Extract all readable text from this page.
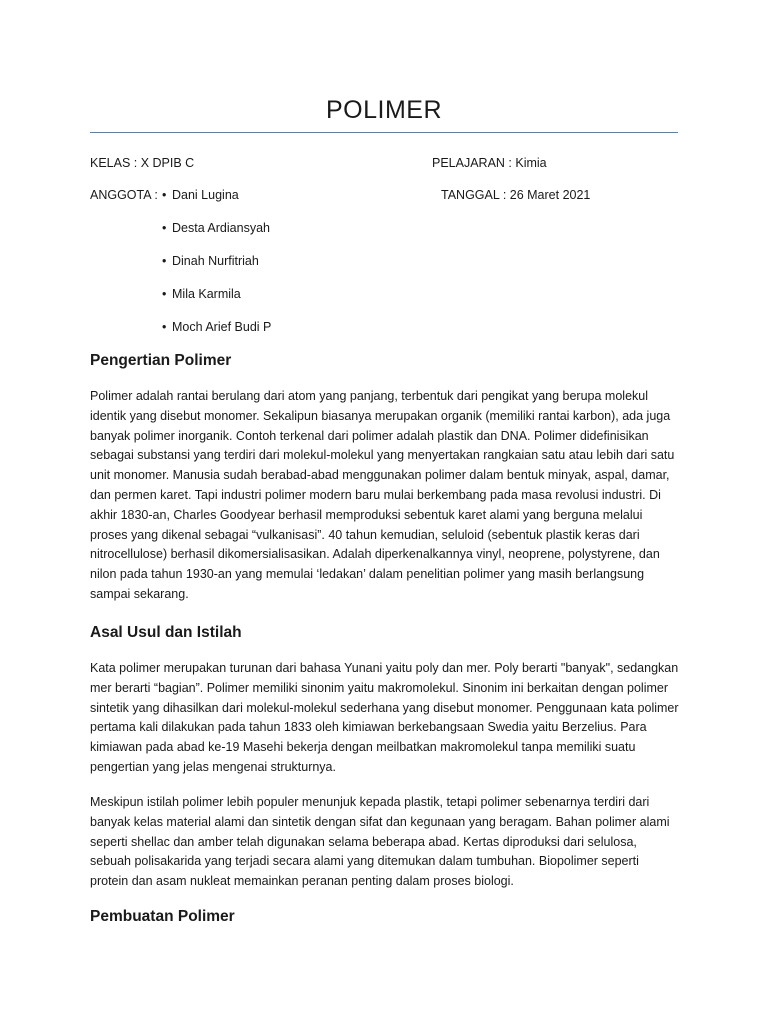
POLIMER
KELAS : X DPIB C	PELAJARAN : Kimia
ANGGOTA :	TANGGAL : 26 Maret 2021
• Dani Lugina
• Desta Ardiansyah
• Dinah Nurfitriah
• Mila Karmila
• Moch Arief Budi P
Pengertian Polimer

Polimer adalah rantai berulang dari atom yang panjang, terbentuk dari pengikat yang berupa molekul identik yang disebut monomer. Sekalipun biasanya merupakan organik (memiliki rantai karbon), ada juga banyak polimer inorganik. Contoh terkenal dari polimer adalah plastik dan DNA. Polimer didefinisikan sebagai substansi yang terdiri dari molekul-molekul yang menyertakan rangkaian satu atau lebih dari satu unit monomer. Manusia sudah berabad-abad menggunakan polimer dalam bentuk minyak, aspal, damar, dan permen karet. Tapi industri polimer modern baru mulai berkembang pada masa revolusi industri. Di akhir 1830-an, Charles Goodyear berhasil memproduksi sebentuk karet alami yang berguna melalui proses yang dikenal sebagai “vulkanisasi”. 40 tahun kemudian, seluloid (sebentuk plastik keras dari nitrocellulose) berhasil dikomersialisasikan. Adalah diperkenalkannya vinyl, neoprene, polystyrene, dan nilon pada tahun 1930-an yang memulai ‘ledakan’ dalam penelitian polimer yang masih berlangsung sampai sekarang.

Asal Usul dan Istilah

Kata polimer merupakan turunan dari bahasa Yunani yaitu poly dan mer. Poly berarti "banyak", sedangkan mer berarti “bagian”. Polimer memiliki sinonim yaitu makromolekul. Sinonim ini berkaitan dengan polimer sintetik yang dihasilkan dari molekul-molekul sederhana yang disebut monomer. Penggunaan kata polimer pertama kali dilakukan pada tahun 1833 oleh kimiawan berkebangsaan Swedia yaitu Berzelius. Para kimiawan pada abad ke-19 Masehi bekerja dengan meilbatkan makromolekul tanpa memiliki suatu pengertian yang jelas mengenai strukturnya.

Meskipun istilah polimer lebih populer menunjuk kepada plastik, tetapi polimer sebenarnya terdiri dari banyak kelas material alami dan sintetik dengan sifat dan kegunaan yang beragam. Bahan polimer alami seperti shellac dan amber telah digunakan selama beberapa abad. Kertas diproduksi dari selulosa, sebuah polisakarida yang terjadi secara alami yang ditemukan dalam tumbuhan. Biopolimer seperti protein dan asam nukleat memainkan peranan penting dalam proses biologi.

Pembuatan Polimer
